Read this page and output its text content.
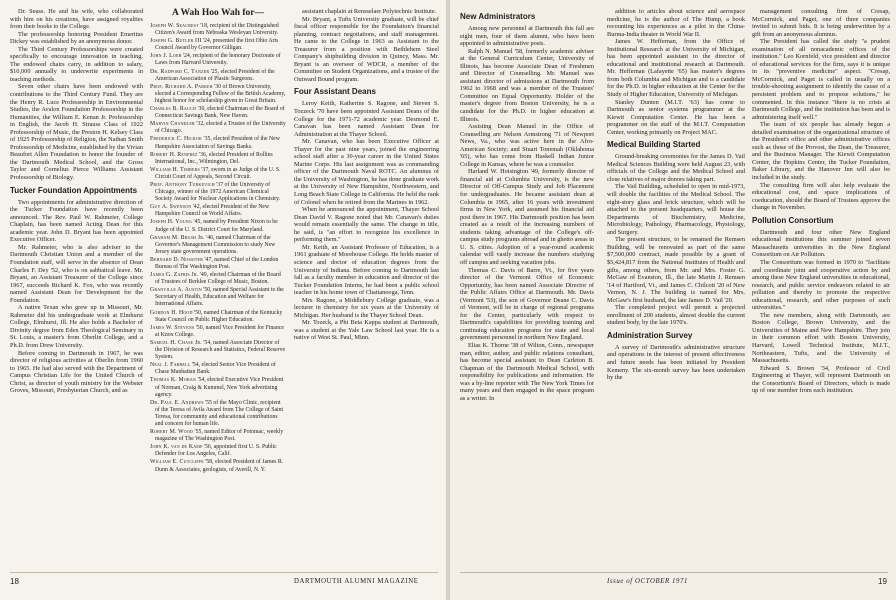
Dr. Seuss. He and his wife, who collaborated with him on his creations, have assigned royalties from their books to the College.

The professorship honoring President Emeritus Dickey was established by an anonymous donor.

The Third Century Professorships were created specifically to encourage innovation in teaching. The endowed chairs carry, in addition to salary, $10,000 annually to underwrite experiments in teaching methods.

Seven other chairs have been endowed with contributions to the Third Century Fund. They are the Henry R. Luce Professorship in Environmental Studies, the Avalon Foundation Professorship in the Humanities, the William E. Kenan Jr. Professorship in English, the Jacob H. Strauss Class of 1922 Professorship of Music, the Preston H. Kelsey Class of 1925 Professorship of Religion, the Nathan Smith Professorship of Medicine, established by the Vivian Beaufort Allen Foundation to honor the founder of the Dartmouth Medical School, and the Gross Taylor and Cornelius Pierce Williams Assistant Professorship of Biology.

Tucker Foundation Appointments

Two appointments for administrative direction of the Tucker Foundation have recently been announced. The Rev. Paul W. Rahmeier, College Chaplain, has been named Acting Dean for this academic year. John D. Bryant has been appointed Executive Officer.

Mr. Rahmeier, who is also adviser to the Dartmouth Christian Union and a member of the Foundation staff, will serve in the absence of Dean Charles F. Dey '52, who is on sabbatical leave. Mr. Bryant, an Assistant Treasurer of the College since 1967, succeeds Richard K. Fox, who was recently named Assistant Dean for Development for the Foundation.

A native Texan who grew up in Missouri, Mr. Rahmeier did his undergraduate work at Elmhurst College, Elmhurst, Ill. He also holds a Bachelor of Divinity degree from Eden Theological Seminary in St. Louis, a master's from Oberlin College, and a Ph.D. from Drew University.

Before coming to Dartmouth in 1967, he was director of religious activities at Oberlin from 1960 to 1965. He had also served with the Department of Campus Christian Life for the United Church of Christ, as director of youth ministry for the Webster Groves, Missouri, Presbyterian Church, and as

A Wah Hoo Wah for—
Joseph W. Seacrest '18, recipient of the Distinguished Citizen's Award from Nebraska Wesleyan University.
Joseph G. Butler III '24, presented the first Ohio Arts Council Award by Governor Gilligan.
John J. Loeb '24, recipient of the honorary Doctorate of Laws from Harvard University.
Dr. Radford C. Tanzer '25, elected President of the American Association of Plastic Surgeons.
Prof. Richard A. Parker '30 of Brown University, elected a Corresponding Fellow of the British Academy, highest honor for scholarship given in Great Britain.
Charles B. Rauch '30, elected Chairman of the Board of Connecticut Savings Bank, New Haven.
Marvin Chandler '32, elected a Trustee of the University of Chicago.
Frederick C. Hickok '35, elected President of the New Hampshire Association of Savings Banks.
Robert H. Renfrez '36, elected President of Rollins International, Inc., Wilmington, Del.
William H. Timbers '37, sworn in as Judge of the U. S. Circuit Court of Appeals, Second Circuit.
Prof. Anthony Turkevich '37 of the University of Chicago, winner of the 1972 American Chemical Society Award for Nuclear Applications in Chemistry.
Guy A. Swenson '42, elected President of the New Hampshire Council on World Affairs.
Joseph H. Young '45, named by President Nixon to be Judge of the U. S. District Court for Maryland.
Graham M. Brush Jr. '46, named Chairman of the Governor's Management Commission to study New Jersey state government operations.
Bernard D. Nossiter '47, named Chief of the London Bureau of The Washington Post.
James G. Zafris Jr. '49, elected Chairman of the Board of Trustees of Berklee College of Music, Boston.
Granville A. Austin '50, named Special Assistant to the Secretary of Health, Education and Welfare for International Affairs.
Gordon H. Hood '50, named Chairman of the Kentucky State Council on Public Higher Education.
James W. Stevens '50, named Vice President for Finance at Knox College.
Samuel H. Chase Jr. '54, named Associate Director of the Division of Research and Statistics, Federal Reserve System.
Neal J. Farrell '54, elected Senior Vice President of Chase Manhattan Bank.
Thomas K. Moran '54, elected Executive Vice President of Norman, Craig & Kummel, New York advertising agency.
Dr. Paul E. Andrews '55 of the Mayo Clinic, recipient of the Teresa of Avila Award from The College of Saint Teresa, for community and educational contributions and concern for human life.
Robert M. Wood '55, named Editor of Potomac, weekly magazine of The Washington Post.
John K. van de Kamp '56, appointed first U. S. Public Defender for Los Angeles, Calif.
William E. Cutcliffe '58, elected President of James R. Dunn & Associates, geologists, of Averill, N. Y.

assistant chaplain at Rensselaer Polytechnic Institute.

Mr. Bryant, a Tufts University graduate, will be chief fiscal officer responsible for the Foundation's financial planning, contract negotiations, and staff management. He came to the College in 1963 as Assistant to the Treasurer from a position with Bethlehem Steel Company's shipbuilding division in Quincy, Mass. Mr. Bryant is an overseer of WDCR, a member of the Committee on Student Organizations, and a trustee of the Outward Bound program.

Four Assistant Deans

Leroy Keith, Katherine S. Ragone, and Steven S. Tozzeck '70 have been appointed Assistant Deans of the College for the 1971-72 academic year. Desmond E. Canavan has been named Assistant Dean for Administration at the Thayer School.

Mr. Canavan, who has been Executive Officer at Thayer for the past nine years, joined the engineering school staff after a 30-year career in the United States Marine Corps. His last assignment was as commanding officer of the Dartmouth Naval ROTC. An alumnus of the University of Washington, he has done graduate work at the University of New Hampshire, Northwestern, and Long Beach State College in California. He held the rank of Colonel when he retired from the Marines in 1962.

When he announced the appointment, Thayer School Dean David V. Ragone noted that Mr. Canavan's duties would remain essentially the same. The change in title, he said, is "an effort to recognize his excellence in performing them."

Mr. Keith, an Assistant Professor of Education, is a 1961 graduate of Morehouse College. He holds master of science and doctor of education degrees from the University of Indiana. Before coming to Dartmouth last fall as a faculty member in education and director of the Tucker Foundation Interns, he had been a public school teacher in his home town of Chattanooga, Tenn.

Mrs. Ragone, a Middlebury College graduate, was a lecturer in chemistry for six years at the University of Michigan. Her husband is the Thayer School Dean.

Mr. Tozeck, a Phi Beta Kappa student at Dartmouth, was a student at the Yale Law School last year. He is a native of West St. Paul, Minn.

18	DARTMOUTH ALUMNI MAGAZINE
New Administrators

Among new personnel at Dartmouth this fall are eight men, four of them alumni, who have been appointed to administrative posts.

Ralph N. Manuel '58, formerly academic adviser at the General Curriculum Center, University of Illinois, has become Associate Dean of Freshmen and Director of Counselling. Mr. Manuel was assistant director of admissions at Dartmouth from 1962 to 1968 and was a member of the Trustees' Committee on Equal Opportunity. Holder of the master's degree from Boston University, he is a candidate for the Ph.D. in higher education at Illinois.

Assisting Dean Manuel in the Office of Counselling are Nelson Armstrong '71 of Newport News, Va., who was active here in the Afro-American Society; and Stuart Tonemah (Oklahoma '65), who has come from Haskell Indian Junior College in Kansas, where he was a counselor.

Harland W. Hoisington '49, formerly director of financial aid at Columbia University, is the new Director of Off-Campus Study and Job Placement for undergraduates. He became assistant dean at Columbia in 1965, after 16 years with investment firms in New York, and assumed his financial aid post there in 1967. His Dartmouth position has been created as a result of the increasing numbers of students taking advantage of the College's off-campus study programs abroad and in ghetto areas in U. S. cities. Adoption of a year-round academic calendar will vastly increase the numbers studying off campus and seeking vacation jobs.

Thomas C. Davis of Barre, Vt., for five years director of the Vermont Office of Economic Opportunity, has been named Associate Director of the Public Affairs Office at Dartmouth. Mr. Davis (Vermont '53), the son of Governor Deane C. Davis of Vermont, will be in charge of regional programs for the Center, particularly with respect to Dartmouth's capabilities for providing training and continuing education programs for state and local government personnel in northern New England.

Elias K. Thorne '38 of Wilton, Conn., newspaper man, editor, author, and public relations consultant, has become special assistant to Dean Carleton B. Chapman of the Dartmouth Medical School, with responsibility for publications and information. He was a by-line reporter with The New York Times for many years and then engaged in the space program as a writer. In

addition to articles about science and aerospace medicine, he is the author of The Hump, a book recounting his experiences as a pilot in the China-Burma-India theater in World War II.

James W. Heffernan, from the Office of Institutional Research at the University of Michigan, has been appointed assistant to the director of educational and institutional research at Dartmouth. Mr. Heffernan (Lafayette '65) has master's degrees from both Columbia and Michigan and is a candidate for the Ph.D. in higher education at the Center for the Study of Higher Education, University of Michigan.

Stanley Dunten (M.I.T. '63) has come to Dartmouth as senior systems programmer at the Kiewit Computation Center. He has been a programmer on the staff of the M.I.T. Computation Center, working primarily on Project MAC.

Medical Building Started

Ground-breaking ceremonies for the James D. Vail Medical Sciences Building were held August 23, with officials of the College and the Medical School and close relatives of major donors taking part.

The Vail Building, scheduled to open in mid-1973, will double the facilities of the Medical School. The eight-story glass and brick structure, which will be attached to the present headquarters, will house the Departments of Biochemistry, Medicine, Microbiology, Pathology, Pharmacology, Physiology, and Surgery.

The present structure, to be renamed the Remsen Building, will be renovated as part of the same $7,500,000 contract, made possible by a grant of $5,424,817 from the National Institutes of Health and gifts, among others, from Mr. and Mrs. Foster G. McGaw of Evanston, Ill., the late Martin J. Remsen '14 of Hartford, Vt., and James C. Chilcott '20 of New Vernon, N. J. The building is named for Mrs. McGaw's first husband, the late James D. Vail '20.

The completed project will permit a projected enrollment of 200 students, almost double the current student body, by the late 1970's.

Administration Survey

A survey of Dartmouth's administrative structure and operations in the interest of present effectiveness and future needs has been initiated by President Kemeny. The six-month survey has been undertaken by the

management consulting firm of Cresap, McCormick, and Paget, one of three companies invited to submit bids. It is being underwritten by a gift from an anonymous alumnus.

The President has called the study "a prudent examination of all nonacademic offices of the institution." Leo Kornfeld, vice president and director of educational services for the firm, says it is unique in its "preventive medicine" aspect. "Cresap, McCormick, and Paget is called in usually on a trouble-shooting assignment to identify the cause of a persistent problem and to propose solutions," he commented. In this instance "there is no crisis at Dartmouth College, and the institution has been and is administering itself well."

The team of six people has already begun a detailed examination of the organizational structure of the President's office and other administrative offices such as those of the Provost, the Dean, the Treasurer, and the Business Manager. The Kiewit Computation Center, the Hopkins Center, the Tucker Foundation, Baker Library, and the Hanover Inn will also be included in the study.

The consulting firm will also help evaluate the educational cost, and space implications of coeducation, should the Board of Trustees approve the change in November.

Pollution Consortium

Dartmouth and four other New England educational institutions this summer joined seven Massachusetts universities in the New England Consortium on Air Pollution.

The Consortium was formed in 1970 to "facilitate and coordinate joint and cooperative action by and among these New England universities in educational, research, and public service endeavors related to air pollution and thereby to promote the respective educational, research, and other purposes of such universities."

The new members, along with Dartmouth, are Boston College, Brown University, and the Universities of Maine and New Hampshire. They join in their common effort with Boston University, Harvard, Lowell Technical Institute, M.I.T., Northeastern, Tufts, and the University of Massachusetts.

Edward S. Brown '34, Professor of Civil Engineering at Thayer, will represent Dartmouth on the Consortium's Board of Directors, which is made up of one member from each institution.

Issue of OCTOBER 1971	19
